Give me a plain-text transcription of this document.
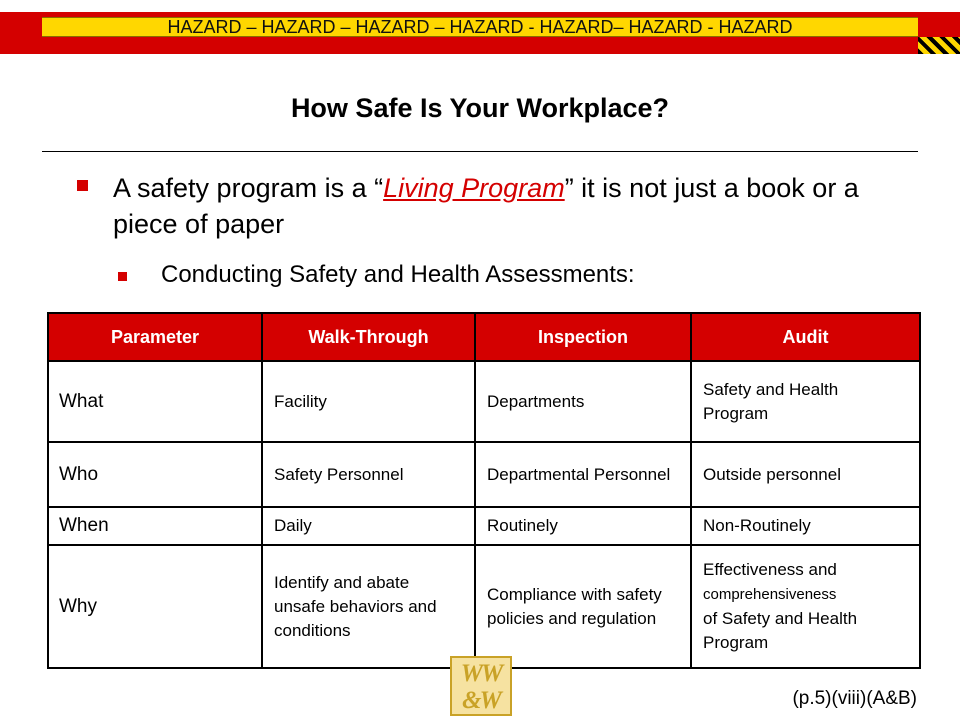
HAZARD – HAZARD – HAZARD – HAZARD - HAZARD– HAZARD - HAZARD
How Safe Is Your Workplace?
A safety program is a “Living Program” it is not just a book or a piece of paper
Conducting Safety and Health Assessments:
Parameter	Walk-Through	Inspection	Audit
What	Facility	Departments	Safety and Health Program
Who	Safety Personnel	Departmental Personnel	Outside personnel
When	Daily	Routinely	Non-Routinely
Why	Identify and abate unsafe behaviors and conditions	Compliance with safety policies and regulation	Effectiveness and
comprehensiveness
of Safety and Health Program
WW
&W	(p.5)(viii)(A&B)
